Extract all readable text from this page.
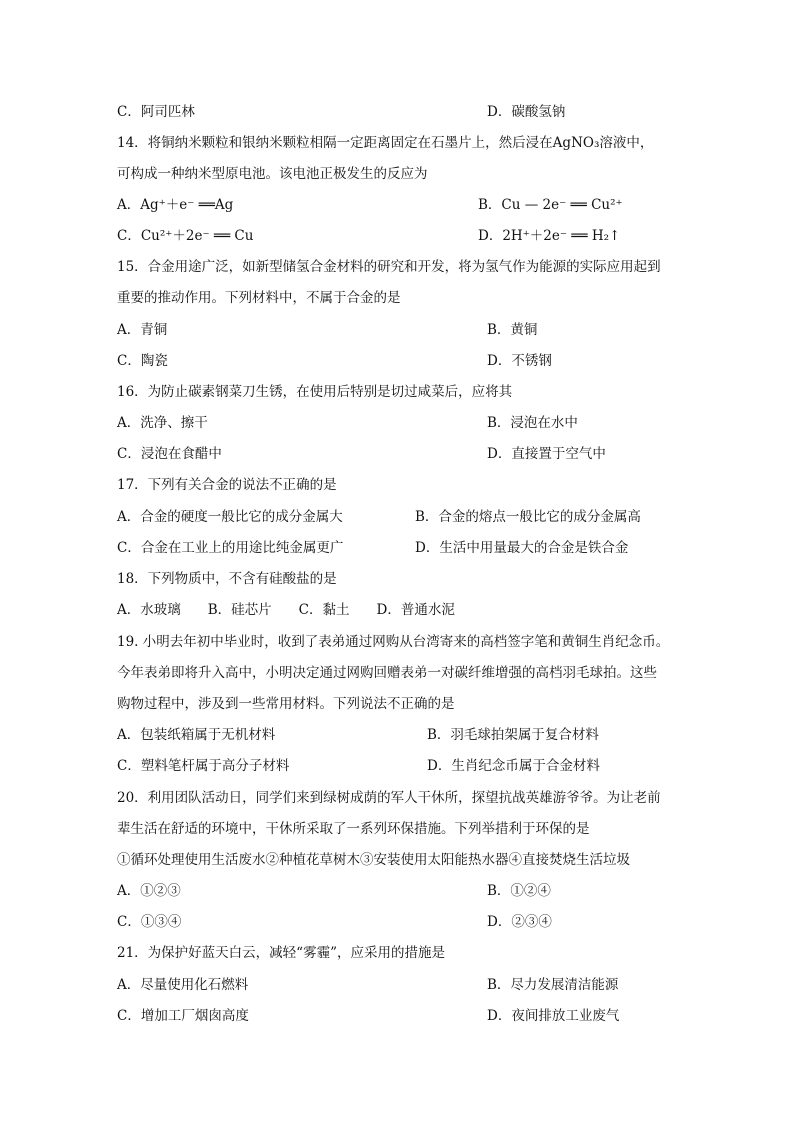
C．阿司匹林	D．碳酸氢钠
14．将铜纳米颗粒和银纳米颗粒相隔一定距离固定在石墨片上，然后浸在AgNO₃溶液中，
可构成一种纳米型原电池。该电池正极发生的反应为
A．Ag⁺＋e⁻ ══Ag	B．Cu — 2e⁻ ══ Cu²⁺
C．Cu²⁺＋2e⁻ ══ Cu	D．2H⁺＋2e⁻ ══ H₂↑
15．合金用途广泛，如新型储氢合金材料的研究和开发，将为氢气作为能源的实际应用起到
重要的推动作用。下列材料中，不属于合金的是
A．青铜	B．黄铜
C．陶瓷	D．不锈钢
16．为防止碳素钢菜刀生锈，在使用后特别是切过咸菜后，应将其
A．洗净、擦干	B．浸泡在水中
C．浸泡在食醋中	D．直接置于空气中
17．下列有关合金的说法不正确的是
A．合金的硬度一般比它的成分金属大	B．合金的熔点一般比它的成分金属高
C．合金在工业上的用途比纯金属更广	D．生活中用量最大的合金是铁合金
18．下列物质中，不含有硅酸盐的是
A．水玻璃　　B．硅芯片　　C．黏土　　D．普通水泥
19. 小明去年初中毕业时，收到了表弟通过网购从台湾寄来的高档签字笔和黄铜生肖纪念币。
今年表弟即将升入高中，小明决定通过网购回赠表弟一对碳纤维增强的高档羽毛球拍。这些
购物过程中，涉及到一些常用材料。下列说法不正确的是
A．包装纸箱属于无机材料	B．羽毛球拍架属于复合材料
C．塑料笔杆属于高分子材料	D．生肖纪念币属于合金材料
20．利用团队活动日，同学们来到绿树成荫的军人干休所，探望抗战英雄游爷爷。为让老前
辈生活在舒适的环境中，干休所采取了一系列环保措施。下列举措利于环保的是
①循环处理使用生活废水②种植花草树木③安装使用太阳能热水器④直接焚烧生活垃圾
A．①②③	B．①②④
C．①③④	D．②③④
21．为保护好蓝天白云，减轻“雾霾”，应采用的措施是
A．尽量使用化石燃料	B．尽力发展清洁能源
C．增加工厂烟囱高度	D．夜间排放工业废气
